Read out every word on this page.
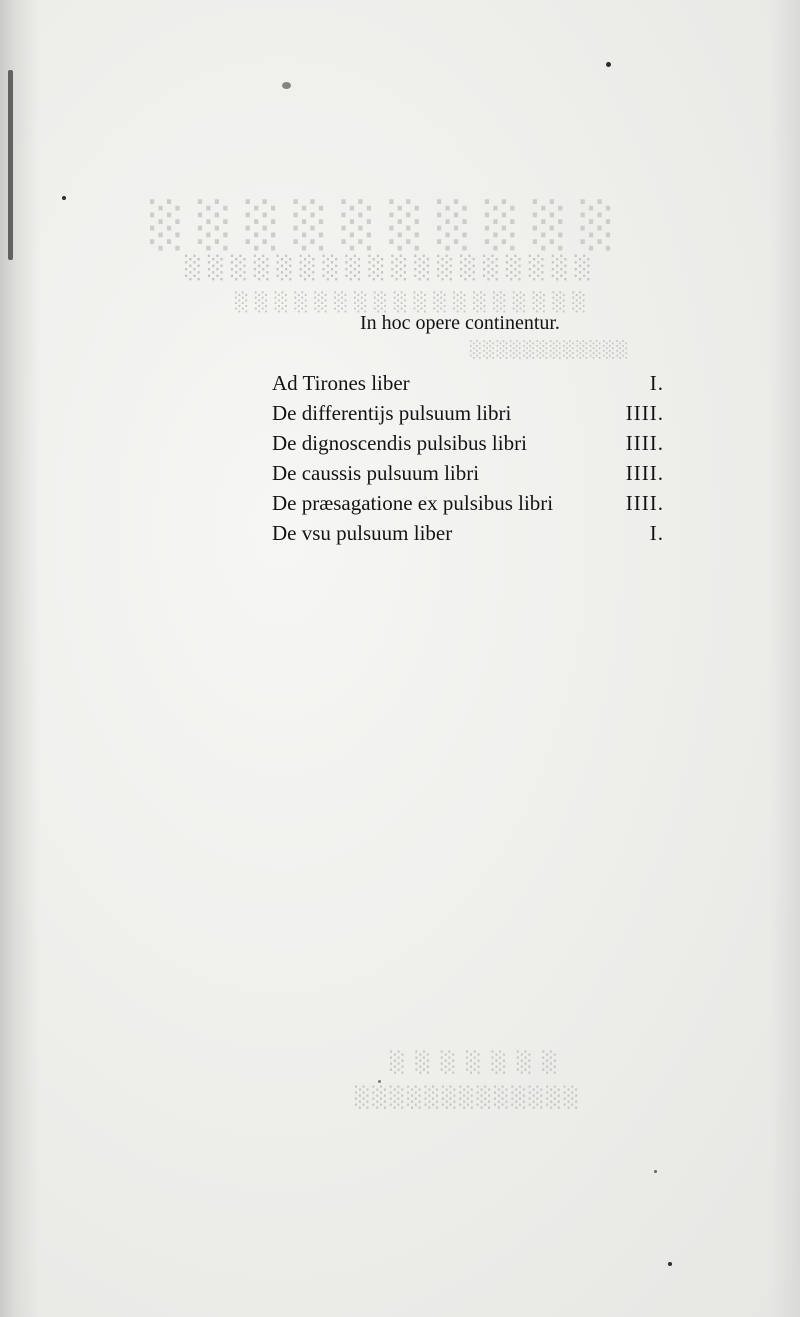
░░░░░░░░░░
░░░░░░░░░░░░░░░░░░
░░░░░░░░░░░░░░░░░░
░░░░░░░░░░░░
░░░░░░░
░░░░░░░░░░░░░
In hoc opere continentur.
Ad Tirones liber	I.
De differentijs pulsuum libri	IIII.
De dignoscendis pulsibus libri	IIII.
De caussis pulsuum libri	IIII.
De præsagatione ex pulsibus libri	IIII.
De vsu pulsuum liber	I.
